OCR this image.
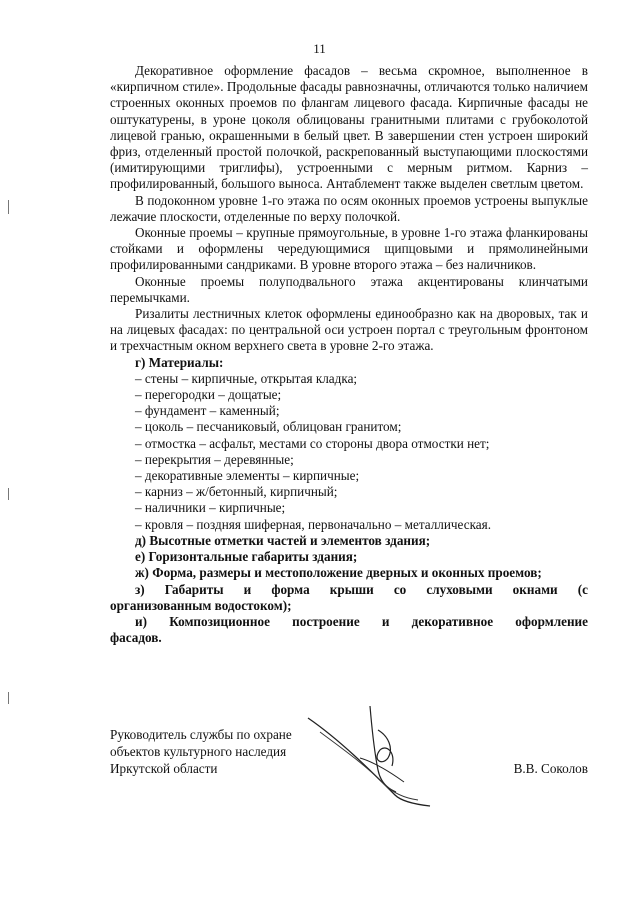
11

Декоративное оформление фасадов – весьма скромное, выполненное в «кирпичном стиле». Продольные фасады равнозначны, отличаются только наличием строенных оконных проемов по флангам лицевого фасада. Кирпичные фасады не оштукатурены, в уроне цоколя облицованы гранитными плитами с грубоколотой лицевой гранью, окрашенными в белый цвет. В завершении стен устроен широкий фриз, отделенный простой полочкой, раскрепованный выступающими плоскостями (имитирующими триглифы), устроенными с мерным ритмом. Карниз – профилированный, большого выноса. Антаблемент также выделен светлым цветом.

В подоконном уровне 1-го этажа по осям оконных проемов устроены выпуклые лежачие плоскости, отделенные по верху полочкой.

Оконные проемы – крупные прямоугольные, в уровне 1-го этажа фланкированы стойками и оформлены чередующимися щипцовыми и прямолинейными профилированными сандриками. В уровне второго этажа – без наличников.

Оконные проемы полуподвального этажа акцентированы клинчатыми перемычками.

Ризалиты лестничных клеток оформлены единообразно как на дворовых, так и на лицевых фасадах: по центральной оси устроен портал с треугольным фронтоном и трехчастным окном верхнего света в уровне 2-го этажа.

г) Материалы:

– стены – кирпичные, открытая кладка;
– перегородки – дощатые;
– фундамент – каменный;
– цоколь – песчаниковый, облицован гранитом;
– отмостка – асфальт, местами со стороны двора отмостки нет;
– перекрытия – деревянные;
– декоративные элементы – кирпичные;
– карниз – ж/бетонный, кирпичный;
– наличники – кирпичные;
– кровля – поздняя шиферная, первоначально – металлическая.

д) Высотные отметки частей и элементов здания;

е) Горизонтальные габариты здания;

ж) Форма, размеры и местоположение дверных и оконных проемов;

з) Габариты и форма крыши со слуховыми окнами (с

организованным водостоком);

и) Композиционное построение и декоративное оформление

фасадов.

Руководитель службы по охране
объектов культурного наследия
Иркутской области	В.В. Соколов
